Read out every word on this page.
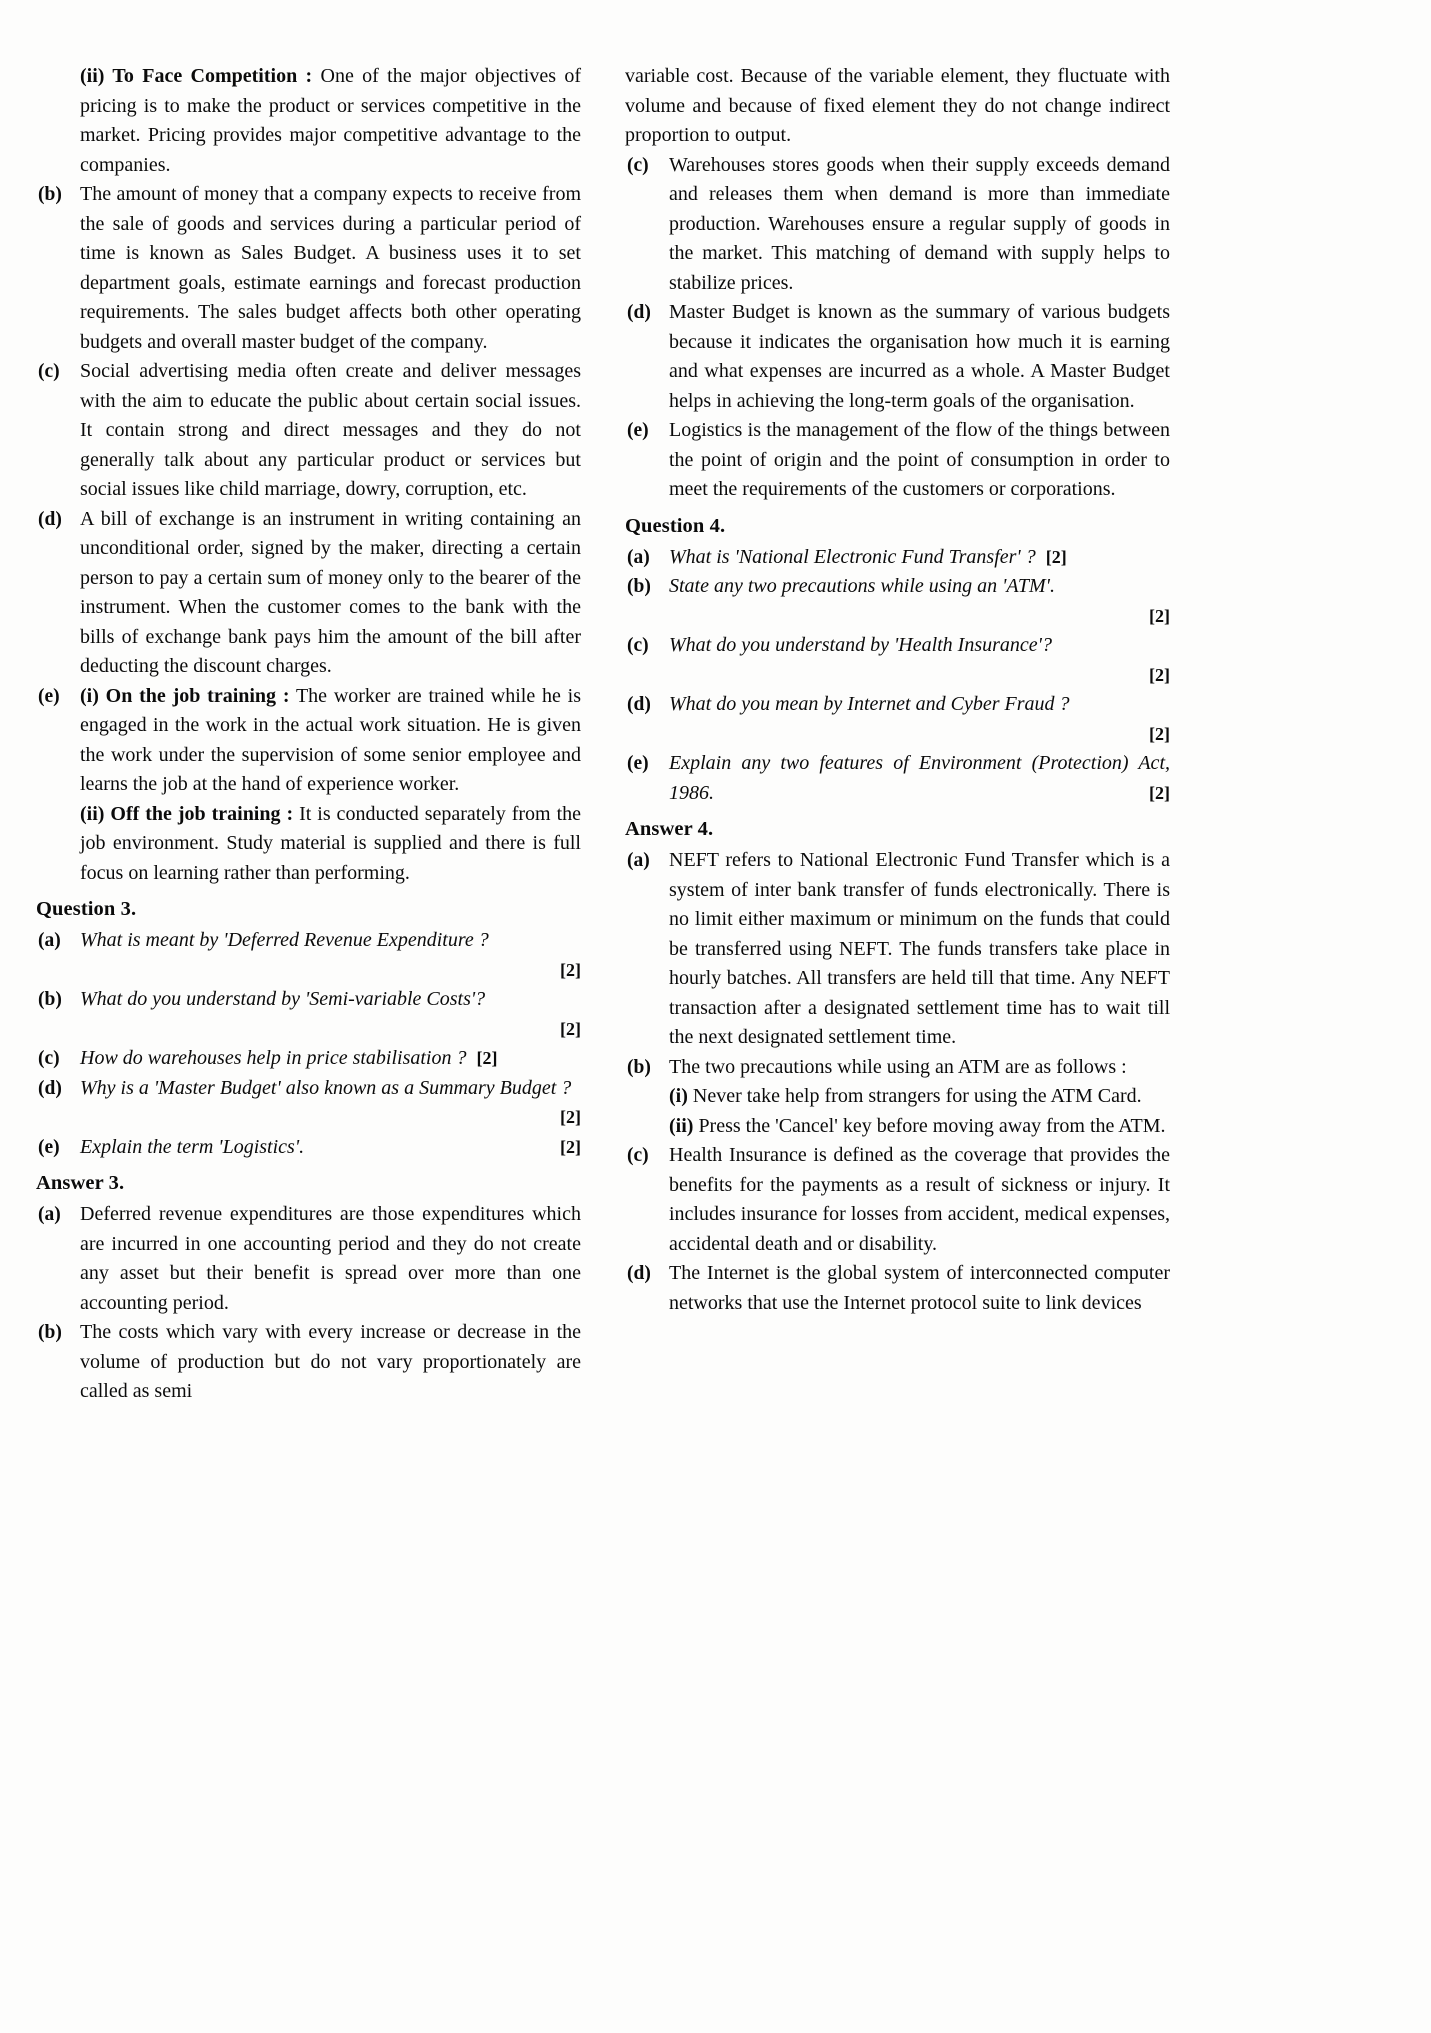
(ii) To Face Competition : One of the major objectives of pricing is to make the product or services competitive in the market. Pricing provides major competitive advantage to the companies.
(b) The amount of money that a company expects to receive from the sale of goods and services during a particular period of time is known as Sales Budget. A business uses it to set department goals, estimate earnings and forecast production requirements. The sales budget affects both other operating budgets and overall master budget of the company.
(c)	Social advertising media often create and deliver messages with the aim to educate the public about certain social issues. It contain strong and direct messages and they do not generally talk about any particular product or services but social issues like child marriage, dowry, corruption, etc.
(d) A bill of exchange is an instrument in writing containing an unconditional order, signed by the maker, directing a certain person to pay a certain sum of money only to the bearer of the instrument. When the customer comes to the bank with the bills of exchange bank pays him the amount of the bill after deducting the discount charges.
(e)	(i) On the job training : The worker are trained while he is engaged in the work in the actual work situation. He is given the work under the supervision of some senior employee and learns the job at the hand of experience worker.
(ii) Off the job training : It is conducted separately from the job environment. Study material is supplied and there is full focus on learning rather than performing.
Question 3.
(a) What is meant by 'Deferred Revenue Expenditure ?
[2]
(b) What do you understand by 'Semi-variable Costs'?
[2]
(c)	How do warehouses help in price stabilisation ? [2]
(d) Why is a 'Master Budget' also known as a Summary Budget ?
[2]
(e)	Explain the term 'Logistics'.	[2]
Answer 3.
(a) Deferred revenue expenditures are those expenditures which are incurred in one accounting period and they do not create any asset but their benefit is spread over more than one accounting period.
(b) The costs which vary with every increase or decrease in the volume of production but do not vary proportionately are called as semi
variable cost. Because of the variable element, they fluctuate with volume and because of fixed element they do not change indirect proportion to output.
(c)	Warehouses stores goods when their supply exceeds demand and releases them when demand is more than immediate production. Warehouses ensure a regular supply of goods in the market. This matching of demand with supply helps to stabilize prices.
(d) Master Budget is known as the summary of various budgets because it indicates the organisation how much it is earning and what expenses are incurred as a whole. A Master Budget helps in achieving the long-term goals of the organisation.
(e)	Logistics is the management of the flow of the things between the point of origin and the point of consumption in order to meet the requirements of the customers or corporations.
Question 4.
(a) What is 'National Electronic Fund Transfer' ? [2]
(b) State any two precautions while using an 'ATM'.
[2]
(c)	What do you understand by 'Health Insurance'?
[2]
(d) What do you mean by Internet and Cyber Fraud ?
[2]
(e)	Explain any two features of Environment (Protection) Act, 1986.	[2]
Answer 4.
(a) NEFT refers to National Electronic Fund Transfer which is a system of inter bank transfer of funds electronically. There is no limit either maximum or minimum on the funds that could be transferred using NEFT. The funds transfers take place in hourly batches. All transfers are held till that time. Any NEFT transaction after a designated settlement time has to wait till the next designated settlement time.
(b) The two precautions while using an ATM are as follows :
(i) Never take help from strangers for using the ATM Card.
(ii) Press the 'Cancel' key before moving away from the ATM.
(c)	Health Insurance is defined as the coverage that provides the benefits for the payments as a result of sickness or injury. It includes insurance for losses from accident, medical expenses, accidental death and or disability.
(d) The Internet is the global system of interconnected computer networks that use the Internet protocol suite to link devices
